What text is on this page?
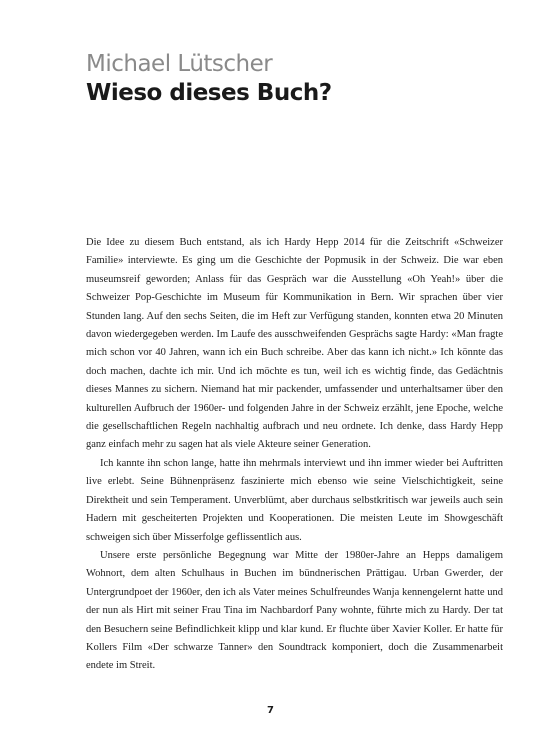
Michael Lütscher
Wieso dieses Buch?

Die Idee zu diesem Buch entstand, als ich Hardy Hepp 2014 für die Zeitschrift «Schweizer Familie» interviewte. Es ging um die Geschichte der Popmusik in der Schweiz. Die war eben museumsreif geworden; Anlass für das Gespräch war die Ausstellung «Oh Yeah!» über die Schweizer Pop-Geschichte im Museum für Kommunikation in Bern. Wir sprachen über vier Stunden lang. Auf den sechs Seiten, die im Heft zur Verfügung standen, konnten etwa 20 Minuten davon wiedergegeben werden. Im Laufe des ausschweifenden Gesprächs sagte Hardy: «Man fragte mich schon vor 40 Jahren, wann ich ein Buch schreibe. Aber das kann ich nicht.» Ich könnte das doch machen, dachte ich mir. Und ich möchte es tun, weil ich es wichtig finde, das Gedächtnis dieses Mannes zu sichern. Niemand hat mir packender, umfassender und unterhaltsamer über den kulturellen Aufbruch der 1960er- und folgenden Jahre in der Schweiz erzählt, jene Epoche, welche die gesellschaftlichen Regeln nachhaltig aufbrach und neu ordnete. Ich denke, dass Hardy Hepp ganz einfach mehr zu sagen hat als viele Akteure seiner Generation.

Ich kannte ihn schon lange, hatte ihn mehrmals interviewt und ihn immer wieder bei Auftritten live erlebt. Seine Bühnenpräsenz faszinierte mich ebenso wie seine Vielschichtigkeit, seine Direktheit und sein Temperament. Unverblümt, aber durchaus selbstkritisch war jeweils auch sein Hadern mit gescheiterten Projekten und Kooperationen. Die meisten Leute im Showgeschäft schweigen sich über Misserfolge geflissentlich aus.

Unsere erste persönliche Begegnung war Mitte der 1980er-Jahre an Hepps damaligem Wohnort, dem alten Schulhaus in Buchen im bündnerischen Prättigau. Urban Gwerder, der Untergrundpoet der 1960er, den ich als Vater meines Schulfreundes Wanja kennengelernt hatte und der nun als Hirt mit seiner Frau Tina im Nachbardorf Pany wohnte, führte mich zu Hardy. Der tat den Besuchern seine Befindlichkeit klipp und klar kund. Er fluchte über Xavier Koller. Er hatte für Kollers Film «Der schwarze Tanner» den Soundtrack komponiert, doch die Zusammenarbeit endete im Streit.

7
